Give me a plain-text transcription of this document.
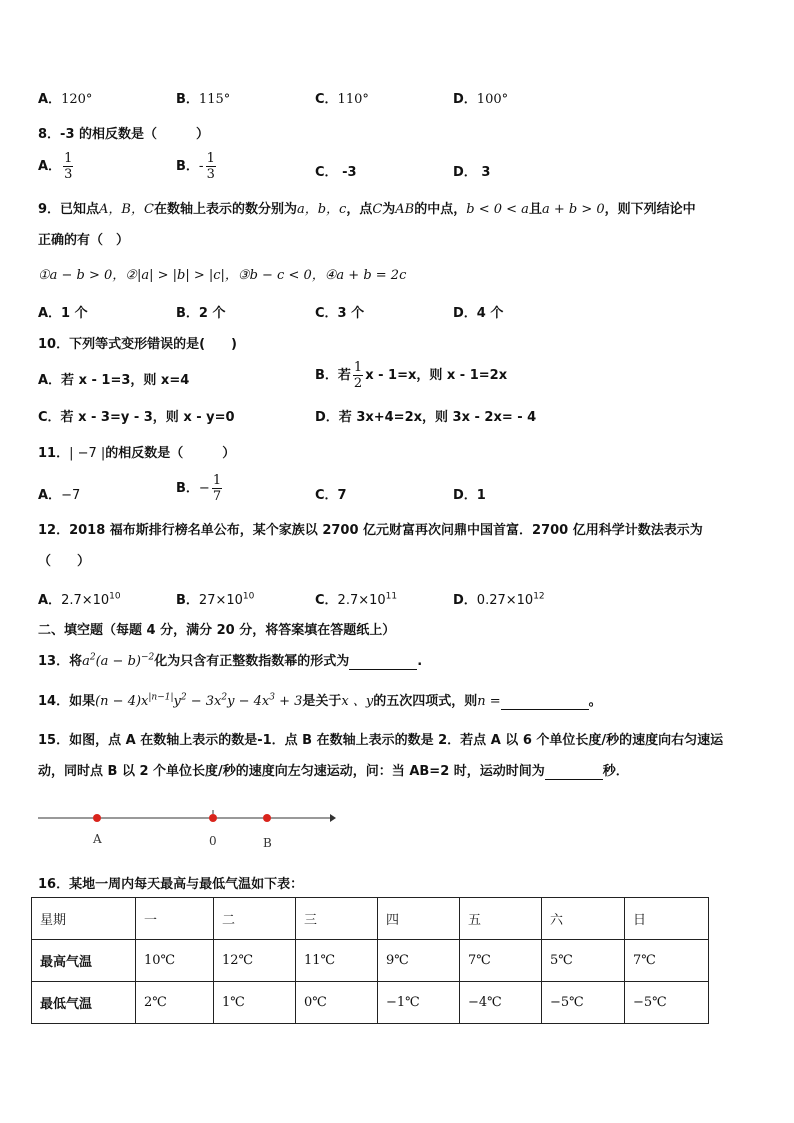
A．120°	B．115°	C．110°	D．100°
8．-3 的相反数是（　　　）
A． $\frac{1}{3}$	B．- $\frac{1}{3}$	C． -3	D． 3
9．已知点A，B，C在数轴上表示的数分别为a，b，c，点C为AB的中点，b < 0 < a且a + b > 0，则下列结论中
正确的有（　）
①a − b > 0，②|a| > |b| > |c|，③b − c < 0，④a + b = 2c
A．1 个	B．2 个	C．3 个	D．4 个
10．下列等式变形错误的是(　　)
A．若 x - 1=3，则 x=4	B．若 $\frac{1}{2}$ x - 1=x，则 x - 1=2x
C．若 x - 3=y - 3，则 x - y=0	D．若 3x+4=2x，则 3x - 2x= - 4
11．| −7 |的相反数是（　　　）
A．−7	B．− $\frac{1}{7}$	C．7	D．1
12．2018 福布斯排行榜名单公布，某个家族以 2700 亿元财富再次问鼎中国首富．2700 亿用科学计数法表示为
（　　）
A．$2.7\times 10^{10}$	B．$27\times 10^{10}$	C．$2.7\times 10^{11}$	D．$0.27\times 10^{12}$
二、填空题（每题 4 分，满分 20 分，将答案填在答题纸上）
13．将$a^2(a - b)^{-2}$化为只含有正整数指数幂的形式为	.
14．如果$(n - 4)x^{|n-1|}y^2 - 3x^2y - 4x^3 + 3$是关于x 、y的五次四项式，则n =	。
15．如图，点 A 在数轴上表示的数是-1．点 B 在数轴上表示的数是 2．若点 A 以 6 个单位长度/秒的速度向右匀速运
动，同时点 B 以 2 个单位长度/秒的速度向左匀速运动，问：当 AB=2 时，运动时间为	秒．
A	0	B
16．某地一周内每天最高与最低气温如下表：
星期	一	二	三	四	五	六	日
最高气温	10℃	12℃	11℃	9℃	7℃	5℃	7℃
最低气温	2℃	1℃	0℃	−1℃	−4℃	−5℃	−5℃
